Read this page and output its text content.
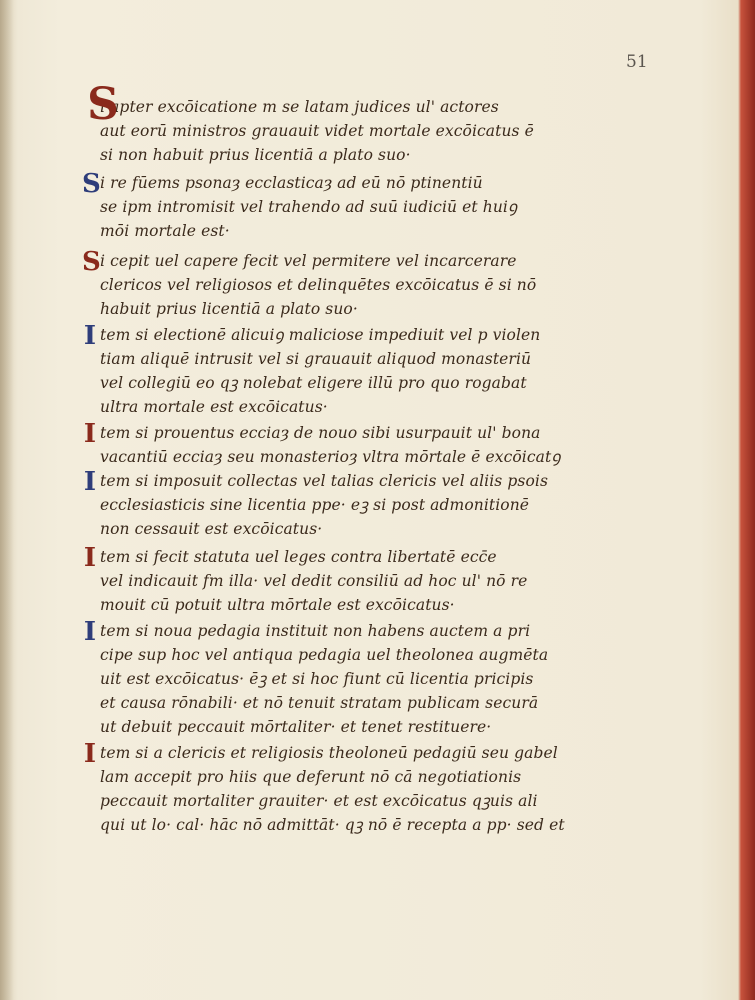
51
S
i apter excōicatione m se latam judices ul' actores
aut eorū ministros grauauit videt mortale excōicatus ē
si non habuit prius licentiā a plato suo·
S i re fūems psonaȝ ecclasticaȝ ad eū nō ptinentiū
se ipm intromisit vel trahendo ad suū iudiciū et huiꝯ
mōi mortale est·
S i cepit uel capere fecit vel permitere vel incarcerare
clericos vel religiosos et delinquētes excōicatus ē si nō
habuit prius licentiā a plato suo·
I tem si electionē alicuiꝯ maliciose impediuit vel p violen
tiam aliquē intrusit vel si grauauit aliquod monasteriū
vel collegiū eo qꝫ nolebat eligere illū pro quo rogabat
ultra mortale est excōicatus·
I tem si prouentus ecciaȝ de nouo sibi usurpauit ul' bona
vacantiū ecciaȝ seu monasterioȝ vltra mōrtale ē excōicatꝯ
I tem si imposuit collectas vel talias clericis vel aliis psois
ecclesiasticis sine licentia ppe· eꝫ si post admonitionē
non cessauit est excōicatus·
I tem si fecit statuta uel leges contra libertatē ecc̄e
vel indicauit fm illa· vel dedit consiliū ad hoc ul' nō re
mouit cū potuit ultra mōrtale est excōicatus·
I tem si noua pedagia instituit non habens auctem a pri
cipe sup hoc vel antiqua pedagia uel theolonea augmēta
uit est excōicatus· ēꝫ et si hoc fiunt cū licentia pricipis
et causa rōnabili· et nō tenuit stratam publicam securā
ut debuit peccauit mōrtaliter· et tenet restituere·
I tem si a clericis et religiosis theoloneū pedagiū seu gabel
lam accepit pro hiis que deferunt nō cā negotiationis
peccauit mortaliter grauiter· et est excōicatus qꝫuis ali
qui ut lo· cal· hāc nō admittāt· qꝫ nō ē recepta a pp· sed et
